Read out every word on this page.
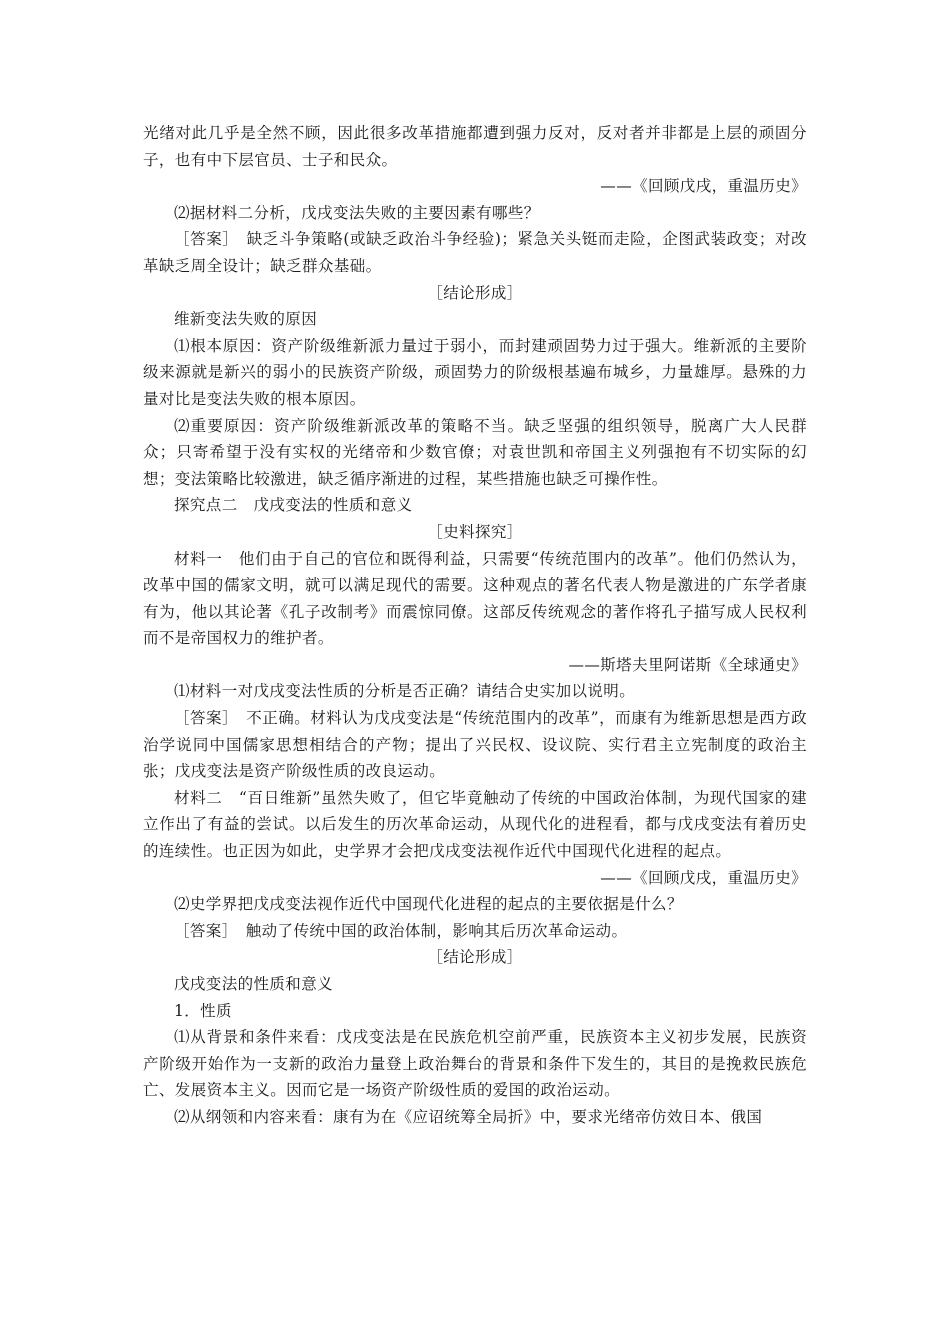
光绪对此几乎是全然不顾，因此很多改革措施都遭到强力反对，反对者并非都是上层的顽固分子，也有中下层官员、士子和民众。

——《回顾戊戌，重温历史》

⑵据材料二分析，戊戌变法失败的主要因素有哪些？

［答案］　缺乏斗争策略(或缺乏政治斗争经验)；紧急关头铤而走险，企图武装政变；对改革缺乏周全设计；缺乏群众基础。

［结论形成］

维新变法失败的原因

⑴根本原因：资产阶级维新派力量过于弱小，而封建顽固势力过于强大。维新派的主要阶级来源就是新兴的弱小的民族资产阶级，顽固势力的阶级根基遍布城乡，力量雄厚。悬殊的力量对比是变法失败的根本原因。

⑵重要原因：资产阶级维新派改革的策略不当。缺乏坚强的组织领导，脱离广大人民群众；只寄希望于没有实权的光绪帝和少数官僚；对袁世凯和帝国主义列强抱有不切实际的幻想；变法策略比较激进，缺乏循序渐进的过程，某些措施也缺乏可操作性。

探究点二　戊戌变法的性质和意义

［史料探究］

材料一　他们由于自己的官位和既得利益，只需要“传统范围内的改革”。他们仍然认为，改革中国的儒家文明，就可以满足现代的需要。这种观点的著名代表人物是激进的广东学者康有为，他以其论著《孔子改制考》而震惊同僚。这部反传统观念的著作将孔子描写成人民权利而不是帝国权力的维护者。

——斯塔夫里阿诺斯《全球通史》

⑴材料一对戊戌变法性质的分析是否正确？请结合史实加以说明。

［答案］　不正确。材料认为戊戌变法是“传统范围内的改革”，而康有为维新思想是西方政治学说同中国儒家思想相结合的产物；提出了兴民权、设议院、实行君主立宪制度的政治主张；戊戌变法是资产阶级性质的改良运动。

材料二　“百日维新”虽然失败了，但它毕竟触动了传统的中国政治体制，为现代国家的建立作出了有益的尝试。以后发生的历次革命运动，从现代化的进程看，都与戊戌变法有着历史的连续性。也正因为如此，史学界才会把戊戌变法视作近代中国现代化进程的起点。

——《回顾戊戌，重温历史》

⑵史学界把戊戌变法视作近代中国现代化进程的起点的主要依据是什么？

［答案］　触动了传统中国的政治体制，影响其后历次革命运动。

［结论形成］

戊戌变法的性质和意义

1．性质

⑴从背景和条件来看：戊戌变法是在民族危机空前严重，民族资本主义初步发展，民族资产阶级开始作为一支新的政治力量登上政治舞台的背景和条件下发生的，其目的是挽救民族危亡、发展资本主义。因而它是一场资产阶级性质的爱国的政治运动。

⑵从纲领和内容来看：康有为在《应诏统筹全局折》中，要求光绪帝仿效日本、俄国
